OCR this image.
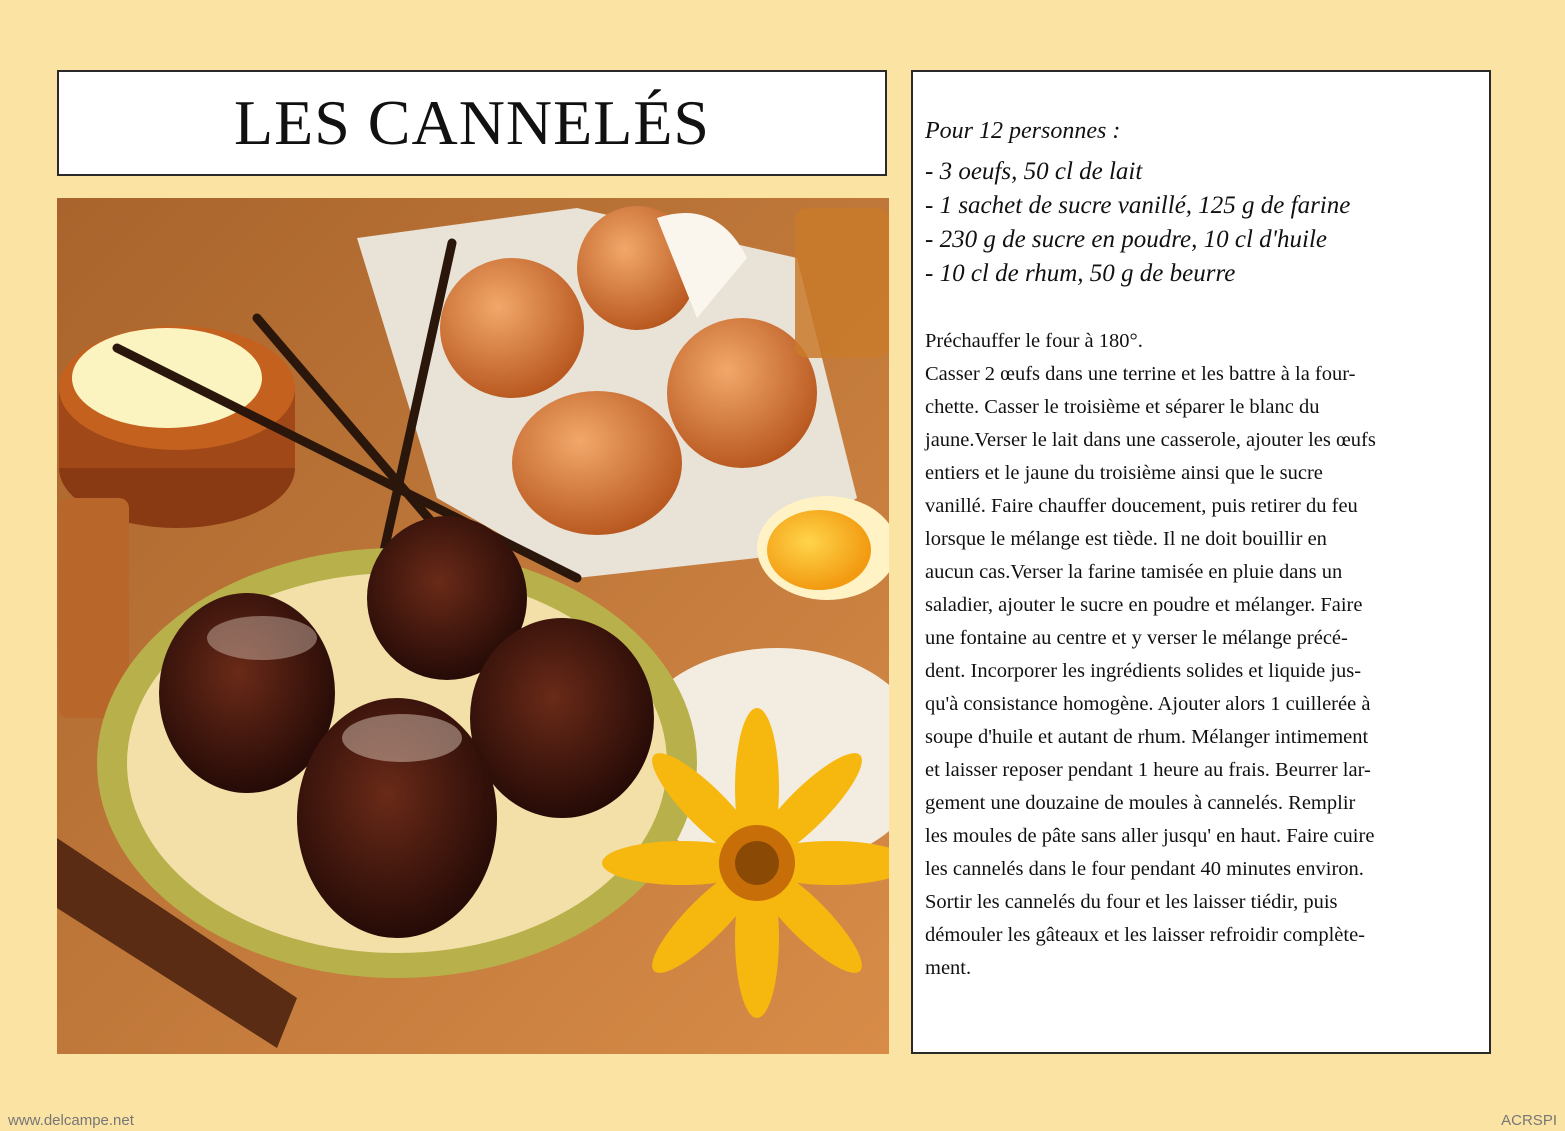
LES CANNELÉS	Pour 12 personnes :

- 3 oeufs, 50 cl de lait

- 1 sachet de sucre vanillé, 125 g de farine

- 230 g de sucre en poudre, 10 cl d'huile

- 10 cl de rhum, 50 g de beurre

Préchauffer le four à 180°.

Casser 2 œufs dans une terrine et les battre à la four-

chette. Casser le troisième et séparer le blanc du

jaune.Verser le lait dans une casserole, ajouter les œufs

entiers et le jaune du troisième ainsi que le sucre

vanillé. Faire chauffer doucement, puis retirer du feu

lorsque le mélange est tiède. Il ne doit bouillir en

aucun cas.Verser la farine tamisée en pluie dans un

saladier, ajouter le sucre en poudre et mélanger. Faire

une fontaine au centre et y verser le mélange précé-

dent. Incorporer les ingrédients solides et liquide jus-

qu'à consistance homogène. Ajouter alors 1 cuillerée à

soupe d'huile et autant de rhum. Mélanger intimement

et laisser reposer pendant 1 heure au frais. Beurrer lar-

gement une douzaine de moules à cannelés. Remplir

les moules de pâte sans aller jusqu' en haut. Faire cuire

les cannelés dans le four pendant 40 minutes environ.

Sortir les cannelés du four et les laisser tiédir, puis

démouler les gâteaux et les laisser refroidir complète-

ment.

www.delcampe.net	ACRSPI
